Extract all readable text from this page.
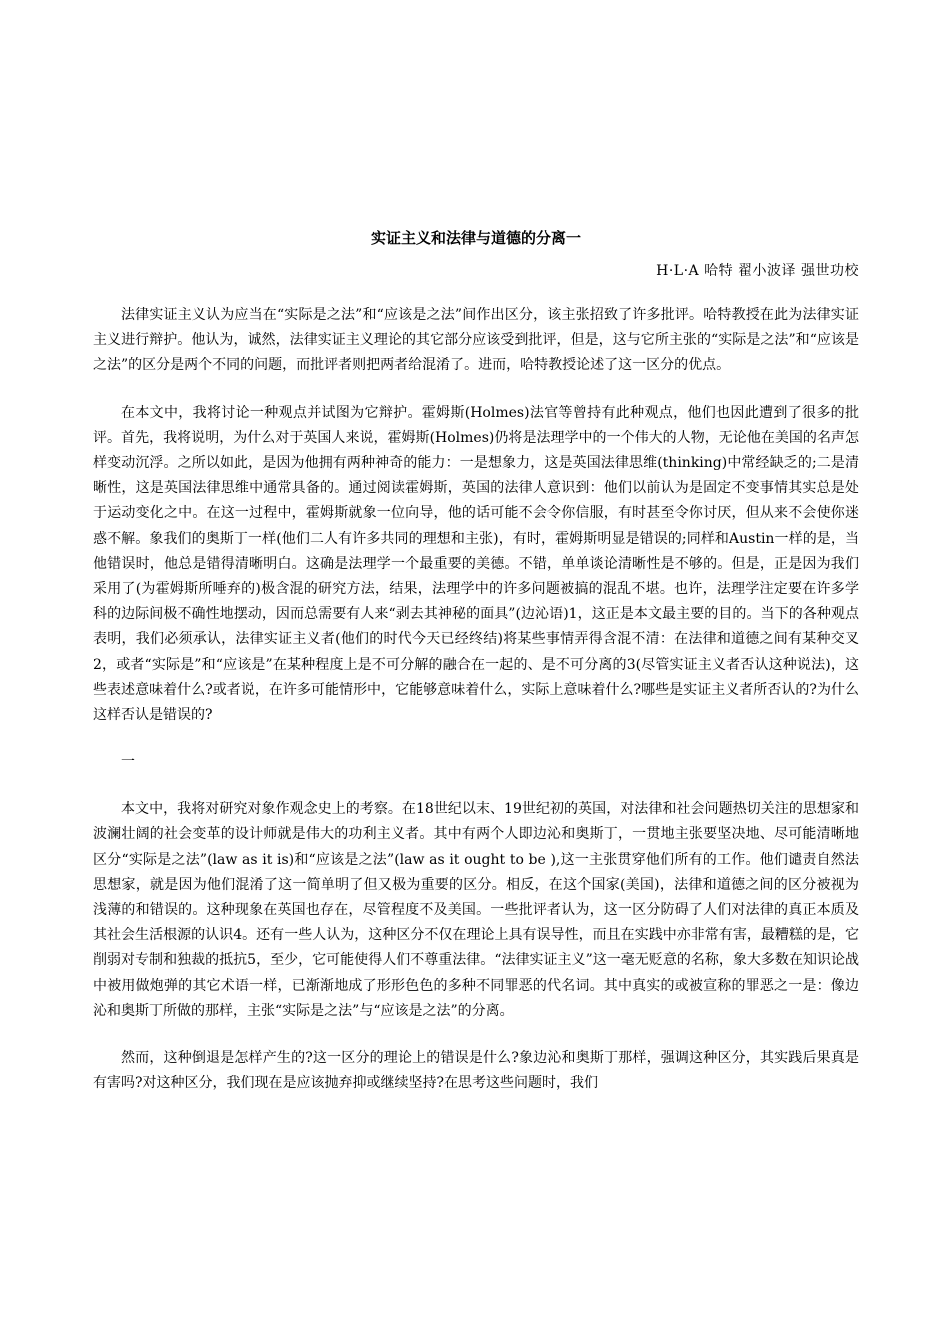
实证主义和法律与道德的分离一

H·L·A 哈特 翟小波译 强世功校

法律实证主义认为应当在“实际是之法”和“应该是之法”间作出区分，该主张招致了许多批评。哈特教授在此为法律实证主义进行辩护。他认为，诚然，法律实证主义理论的其它部分应该受到批评，但是，这与它所主张的“实际是之法”和“应该是之法”的区分是两个不同的问题，而批评者则把两者给混淆了。进而，哈特教授论述了这一区分的优点。

在本文中，我将讨论一种观点并试图为它辩护。霍姆斯(Holmes)法官等曾持有此种观点，他们也因此遭到了很多的批评。首先，我将说明，为什么对于英国人来说，霍姆斯(Holmes)仍将是法理学中的一个伟大的人物，无论他在美国的名声怎样变动沉浮。之所以如此，是因为他拥有两种神奇的能力：一是想象力，这是英国法律思维(thinking)中常经缺乏的;二是清晰性，这是英国法律思维中通常具备的。通过阅读霍姆斯，英国的法律人意识到：他们以前认为是固定不变事情其实总是处于运动变化之中。在这一过程中，霍姆斯就象一位向导，他的话可能不会令你信服，有时甚至令你讨厌，但从来不会使你迷惑不解。象我们的奥斯丁一样(他们二人有许多共同的理想和主张)，有时，霍姆斯明显是错误的;同样和Austin一样的是，当他错误时，他总是错得清晰明白。这确是法理学一个最重要的美德。不错，单单谈论清晰性是不够的。但是，正是因为我们采用了(为霍姆斯所唾弃的)极含混的研究方法，结果，法理学中的许多问题被搞的混乱不堪。也许，法理学注定要在许多学科的边际间极不确性地摆动，因而总需要有人来“剥去其神秘的面具”(边沁语)1，这正是本文最主要的目的。当下的各种观点表明，我们必须承认，法律实证主义者(他们的时代今天已经终结)将某些事情弄得含混不清：在法律和道德之间有某种交叉2，或者“实际是”和“应该是”在某种程度上是不可分解的融合在一起的、是不可分离的3(尽管实证主义者否认这种说法)，这些表述意味着什么?或者说，在许多可能情形中，它能够意味着什么，实际上意味着什么?哪些是实证主义者所否认的?为什么这样否认是错误的?

一

本文中，我将对研究对象作观念史上的考察。在18世纪以末、19世纪初的英国，对法律和社会问题热切关注的思想家和波澜壮阔的社会变革的设计师就是伟大的功利主义者。其中有两个人即边沁和奥斯丁，一贯地主张要坚决地、尽可能清晰地区分“实际是之法”(law as it is)和“应该是之法”(law as it ought to be ),这一主张贯穿他们所有的工作。他们谴责自然法思想家，就是因为他们混淆了这一简单明了但又极为重要的区分。相反，在这个国家(美国)，法律和道德之间的区分被视为浅薄的和错误的。这种现象在英国也存在，尽管程度不及美国。一些批评者认为，这一区分防碍了人们对法律的真正本质及其社会生活根源的认识4。还有一些人认为，这种区分不仅在理论上具有误导性，而且在实践中亦非常有害，最糟糕的是，它削弱对专制和独裁的抵抗5，至少，它可能使得人们不尊重法律。“法律实证主义”这一毫无贬意的名称，象大多数在知识论战中被用做炮弹的其它术语一样，已渐渐地成了形形色色的多种不同罪恶的代名词。其中真实的或被宣称的罪恶之一是：像边沁和奥斯丁所做的那样，主张“实际是之法”与“应该是之法”的分离。

然而，这种倒退是怎样产生的?这一区分的理论上的错误是什么?象边沁和奥斯丁那样，强调这种区分，其实践后果真是有害吗?对这种区分，我们现在是应该抛弃抑或继续坚持?在思考这些问题时，我们
